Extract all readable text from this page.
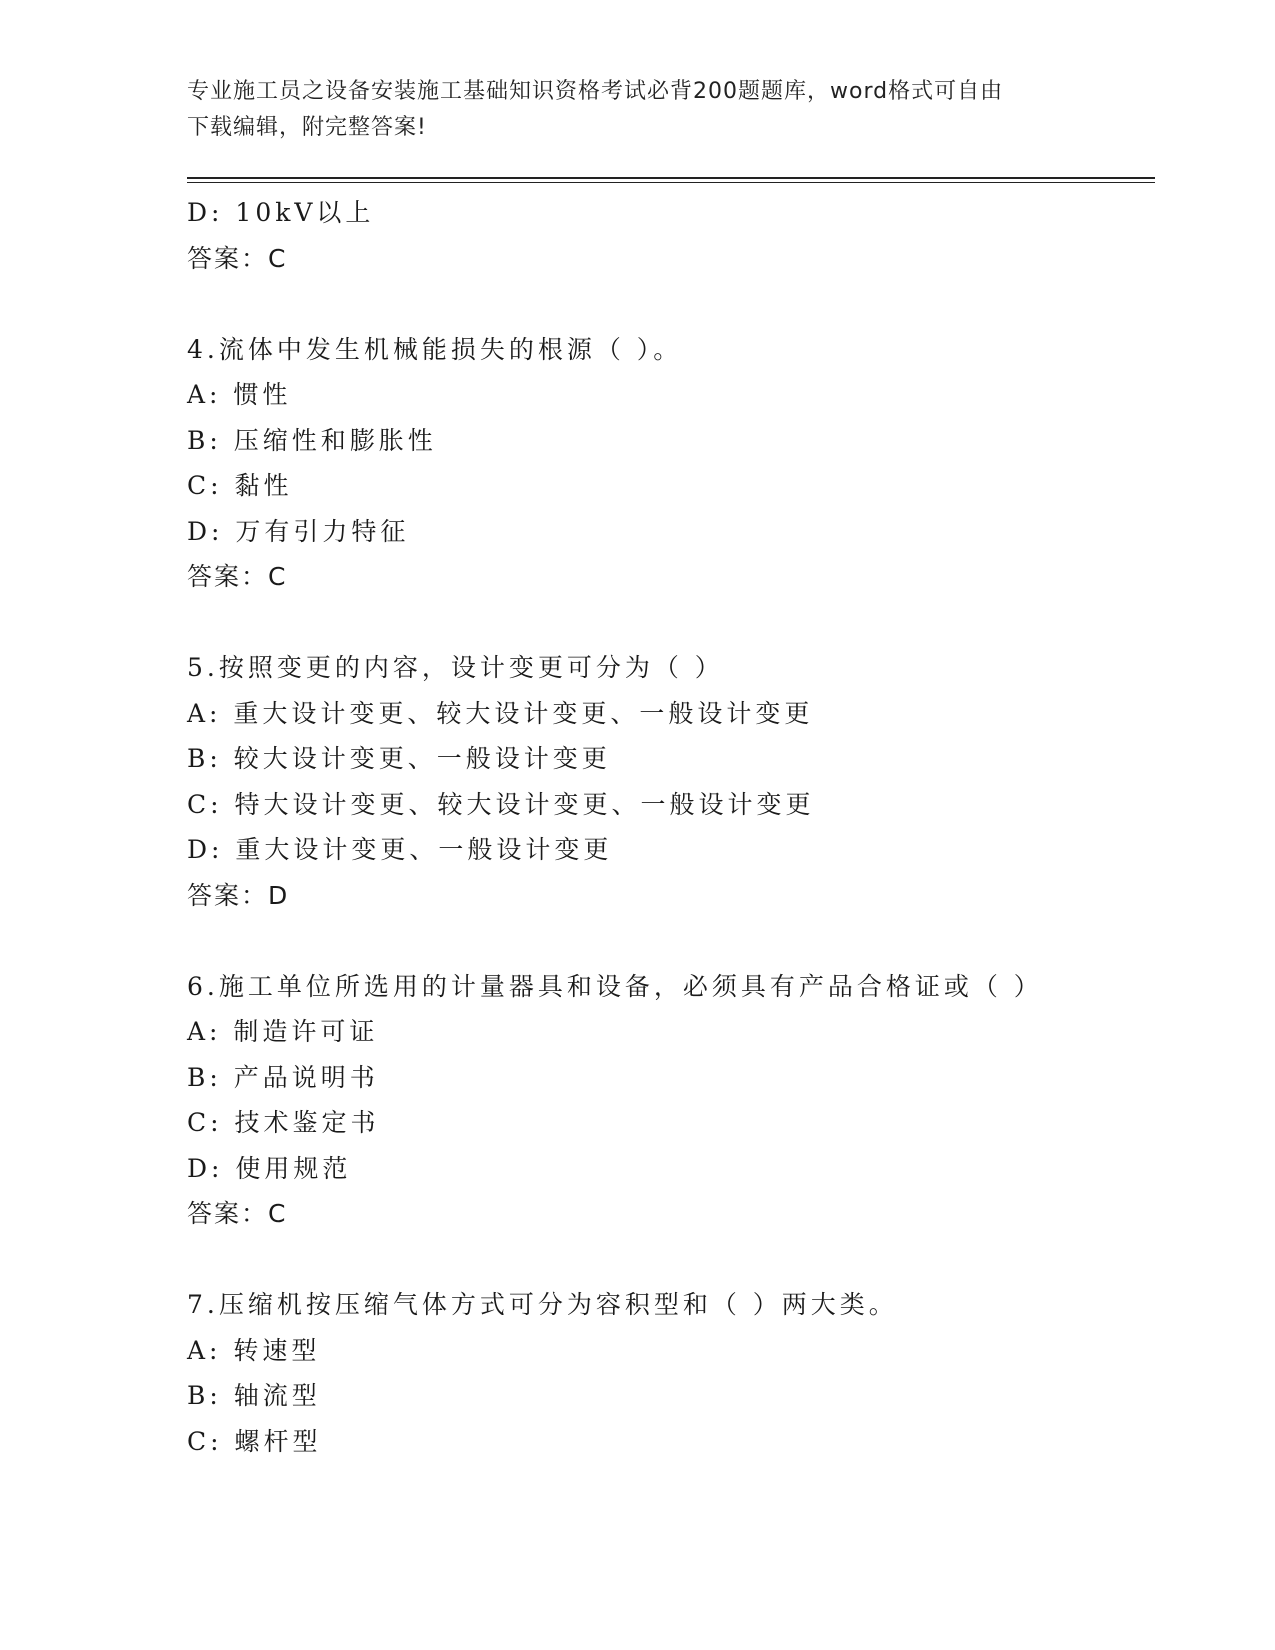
专业施工员之设备安装施工基础知识资格考试必背200题题库，word格式可自由
下载编辑，附完整答案!
D: 10kV以上
答案：C
4.流体中发生机械能损失的根源（ ）。
A: 惯性
B: 压缩性和膨胀性
C: 黏性
D: 万有引力特征
答案：C
5.按照变更的内容，设计变更可分为（ ）
A: 重大设计变更、较大设计变更、一般设计变更
B: 较大设计变更、一般设计变更
C: 特大设计变更、较大设计变更、一般设计变更
D: 重大设计变更、一般设计变更
答案：D
6.施工单位所选用的计量器具和设备，必须具有产品合格证或（ ）
A: 制造许可证
B: 产品说明书
C: 技术鉴定书
D: 使用规范
答案：C
7.压缩机按压缩气体方式可分为容积型和（ ）两大类。
A: 转速型
B: 轴流型
C: 螺杆型
